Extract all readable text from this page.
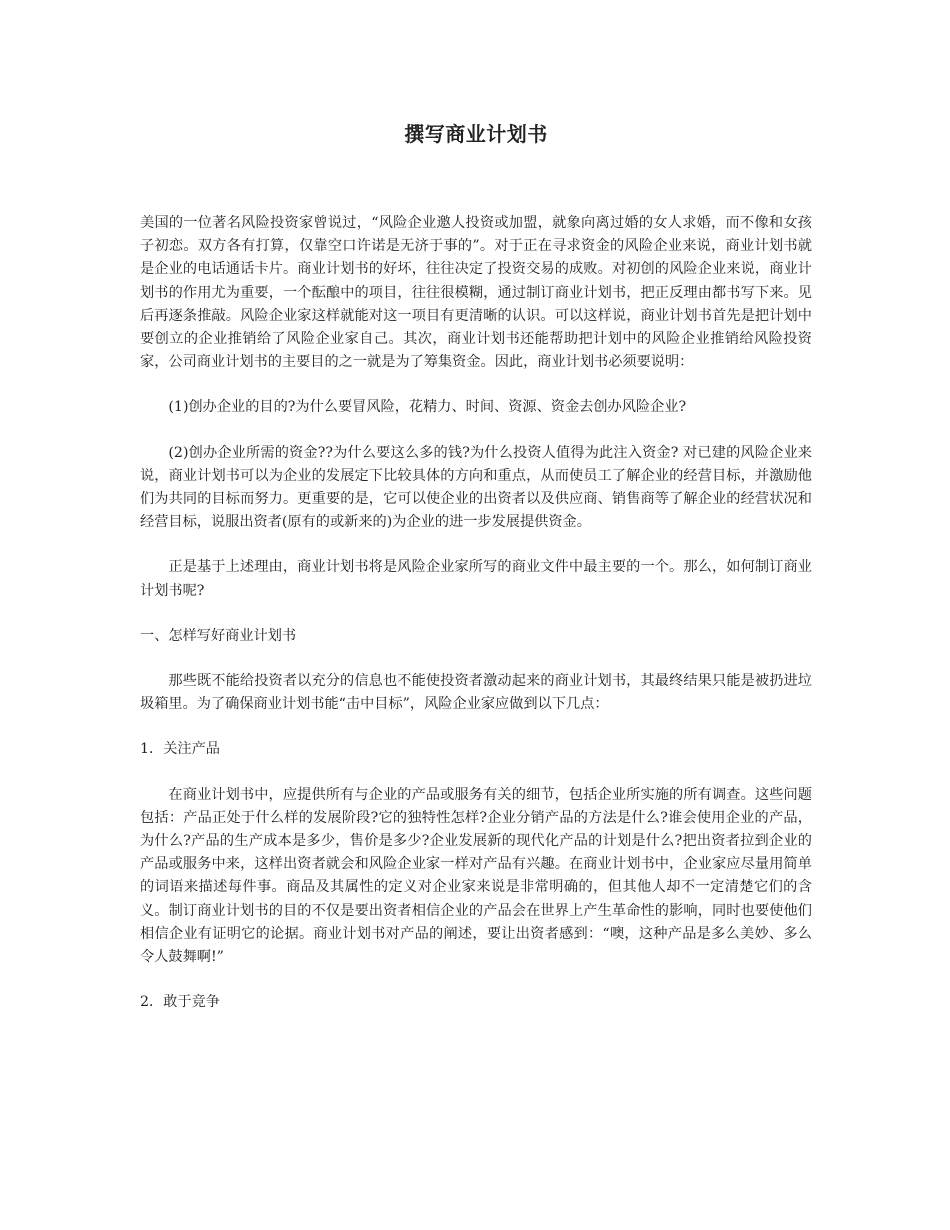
撰写商业计划书

美国的一位著名风险投资家曾说过，“风险企业邀人投资或加盟，就象向离过婚的女人求婚，而不像和女孩子初恋。双方各有打算，仅靠空口许诺是无济于事的”。对于正在寻求资金的风险企业来说，商业计划书就是企业的电话通话卡片。商业计划书的好坏，往往决定了投资交易的成败。对初创的风险企业来说，商业计划书的作用尤为重要，一个酝酿中的项目，往往很模糊，通过制订商业计划书，把正反理由都书写下来。见后再逐条推敲。风险企业家这样就能对这一项目有更清晰的认识。可以这样说，商业计划书首先是把计划中要创立的企业推销给了风险企业家自己。其次，商业计划书还能帮助把计划中的风险企业推销给风险投资家，公司商业计划书的主要目的之一就是为了筹集资金。因此，商业计划书必须要说明：

(1)创办企业的目的?为什么要冒风险，花精力、时间、资源、资金去创办风险企业?

(2)创办企业所需的资金??为什么要这么多的钱?为什么投资人值得为此注入资金? 对已建的风险企业来说，商业计划书可以为企业的发展定下比较具体的方向和重点，从而使员工了解企业的经营目标，并激励他们为共同的目标而努力。更重要的是，它可以使企业的出资者以及供应商、销售商等了解企业的经营状况和经营目标，说服出资者(原有的或新来的)为企业的进一步发展提供资金。

正是基于上述理由，商业计划书将是风险企业家所写的商业文件中最主要的一个。那么，如何制订商业计划书呢?

一、怎样写好商业计划书

那些既不能给投资者以充分的信息也不能使投资者激动起来的商业计划书，其最终结果只能是被扔进垃圾箱里。为了确保商业计划书能“击中目标”，风险企业家应做到以下几点：

1．关注产品

在商业计划书中，应提供所有与企业的产品或服务有关的细节，包括企业所实施的所有调查。这些问题包括：产品正处于什么样的发展阶段?它的独特性怎样?企业分销产品的方法是什么?谁会使用企业的产品，为什么?产品的生产成本是多少，售价是多少?企业发展新的现代化产品的计划是什么?把出资者拉到企业的产品或服务中来，这样出资者就会和风险企业家一样对产品有兴趣。在商业计划书中，企业家应尽量用简单的词语来描述每件事。商品及其属性的定义对企业家来说是非常明确的，但其他人却不一定清楚它们的含义。制订商业计划书的目的不仅是要出资者相信企业的产品会在世界上产生革命性的影响，同时也要使他们相信企业有证明它的论据。商业计划书对产品的阐述，要让出资者感到：“噢，这种产品是多么美妙、多么令人鼓舞啊!”

2．敢于竞争
